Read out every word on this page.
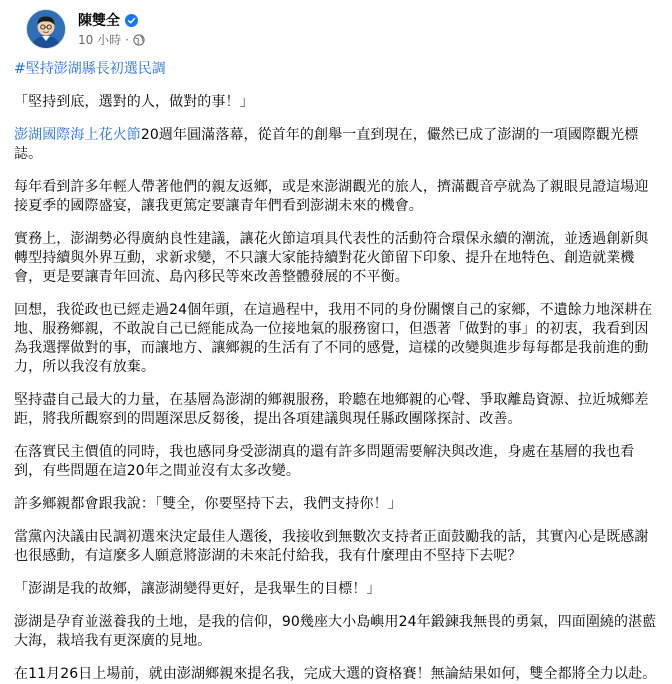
陳雙全
10 小時 ·
#堅持澎湖縣長初選民調

「堅持到底，選對的人，做對的事！」

澎湖國際海上花火節20週年圓滿落幕，從首年的創舉一直到現在，儼然已成了澎湖的一項國際觀光標誌。

每年看到許多年輕人帶著他們的親友返鄉，或是來澎湖觀光的旅人，擠滿觀音亭就為了親眼見證這場迎接夏季的國際盛宴，讓我更篤定要讓青年們看到澎湖未來的機會。

實務上，澎湖勢必得廣納良性建議，讓花火節這項具代表性的活動符合環保永續的潮流，並透過創新與轉型持續與外界互動，求新求變，不只讓大家能持續對花火節留下印象、提升在地特色、創造就業機會，更是要讓青年回流、島內移民等來改善整體發展的不平衡。

回想，我從政也已經走過24個年頭，在這過程中，我用不同的身份關懷自己的家鄉，不遺餘力地深耕在地、服務鄉親，不敢說自己已經能成為一位接地氣的服務窗口，但憑著「做對的事」的初衷，我看到因為我選擇做對的事，而讓地方、讓鄉親的生活有了不同的感覺，這樣的改變與進步每每都是我前進的動力，所以我沒有放棄。

堅持盡自己最大的力量，在基層為澎湖的鄉親服務，聆聽在地鄉親的心聲、爭取離島資源、拉近城鄉差距，將我所觀察到的問題深思反芻後，提出各項建議與現任縣政團隊探討、改善。

在落實民主價值的同時，我也感同身受澎湖真的還有許多問題需要解決與改進，身處在基層的我也看到，有些問題在這20年之間並沒有太多改變。

許多鄉親都會跟我說：「雙全，你要堅持下去，我們支持你！」

當黨內決議由民調初選來決定最佳人選後，我接收到無數次支持者正面鼓勵我的話，其實內心是既感謝也很感動，有這麼多人願意將澎湖的未來託付給我，我有什麼理由不堅持下去呢？

「澎湖是我的故鄉，讓澎湖變得更好，是我畢生的目標！」

澎湖是孕育並滋養我的土地，是我的信仰，90幾座大小島嶼用24年鍛鍊我無畏的勇氣，四面圍繞的湛藍大海，栽培我有更深廣的見地。

在11月26日上場前，就由澎湖鄉親來提名我，完成大選的資格賽！無論結果如何，雙全都將全力以赴。
